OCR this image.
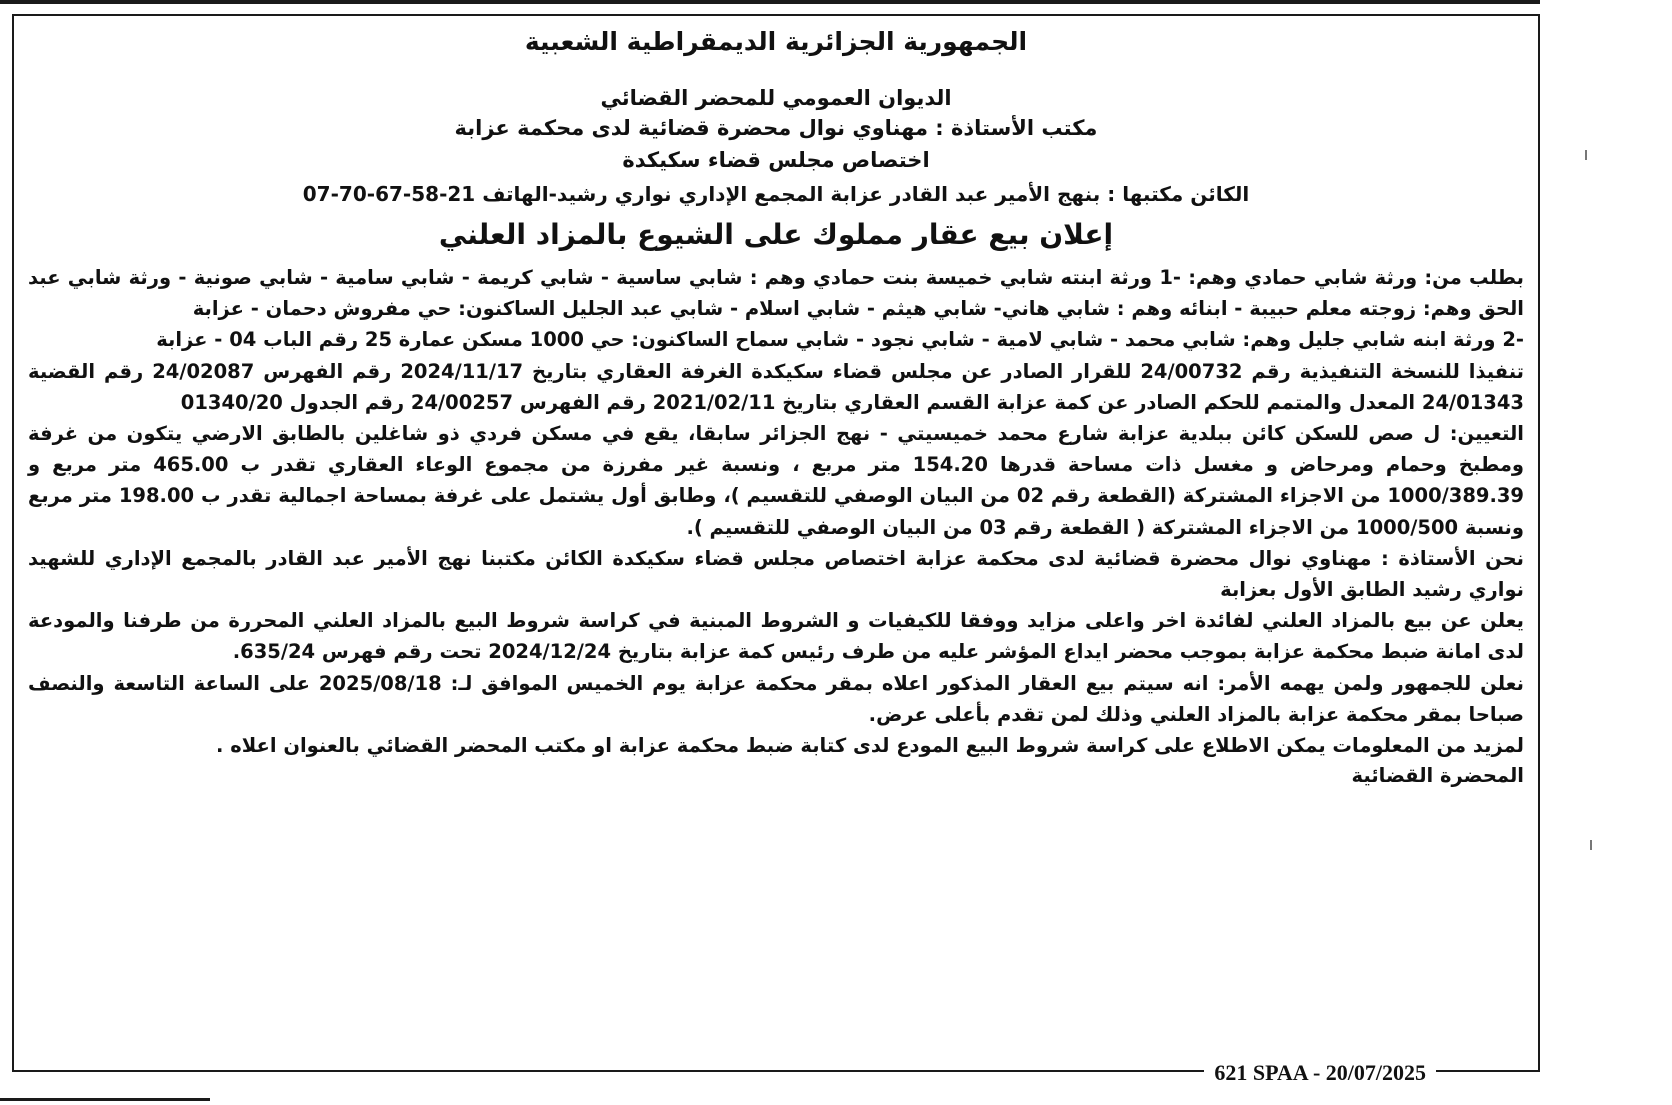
الجمهورية الجزائرية الديمقراطية الشعبية

الديوان العمومي للمحضر القضائي

مكتب الأستاذة : مهناوي نوال محضرة قضائية لدى محكمة عزابة

اختصاص مجلس قضاء سكيكدة

الكائن مكتبها : بنهج الأمير عبد القادر عزابة المجمع الإداري نواري رشيد-الهاتف 21-58-67-70-07

إعلان بيع عقار مملوك على الشيوع بالمزاد العلني

بطلب من: ورثة شابي حمادي وهم: -1 ورثة ابنته شابي خميسة بنت حمادي وهم : شابي ساسية - شابي كريمة - شابي سامية - شابي صونية - ورثة شابي عبد الحق وهم: زوجته معلم حبيبة - ابنائه وهم : شابي هاني- شابي هيثم - شابي اسلام - شابي عبد الجليل الساكنون: حي مفروش دحمان - عزابة

-2 ورثة ابنه شابي جليل وهم: شابي محمد - شابي لامية - شابي نجود - شابي سماح الساكنون: حي 1000 مسكن عمارة 25 رقم الباب 04 - عزابة

تنفيذا للنسخة التنفيذية رقم 24/00732 للقرار الصادر عن مجلس قضاء سكيكدة الغرفة العقاري بتاريخ 2024/11/17 رقم الفهرس 24/02087 رقم القضية 24/01343 المعدل والمتمم للحكم الصادر عن كمة عزابة القسم العقاري بتاريخ 2021/02/11 رقم الفهرس 24/00257 رقم الجدول 01340/20

التعيين: ل صص للسكن كائن ببلدية عزابة شارع محمد خميسيتي - نهج الجزائر سابقا، يقع في مسكن فردي ذو شاغلين بالطابق الارضي يتكون من غرفة ومطبخ وحمام ومرحاض و مغسل ذات مساحة قدرها 154.20 متر مربع ، ونسبة غير مفرزة من مجموع الوعاء العقاري تقدر ب 465.00 متر مربع و 1000/389.39 من الاجزاء المشتركة (القطعة رقم 02 من البيان الوصفي للتقسيم )، وطابق أول يشتمل على غرفة بمساحة اجمالية تقدر ب 198.00 متر مربع ونسبة 1000/500 من الاجزاء المشتركة ( القطعة رقم 03 من البيان الوصفي للتقسيم ).

نحن الأستاذة : مهناوي نوال محضرة قضائية لدى محكمة عزابة اختصاص مجلس قضاء سكيكدة الكائن مكتبنا نهج الأمير عبد القادر بالمجمع الإداري للشهيد نواري رشيد الطابق الأول بعزابة

يعلن عن بيع بالمزاد العلني لفائدة اخر واعلى مزايد ووفقا للكيفيات و الشروط المبنية في كراسة شروط البيع بالمزاد العلني المحررة من طرفنا والمودعة لدى امانة ضبط محكمة عزابة بموجب محضر ايداع المؤشر عليه من طرف رئيس كمة عزابة بتاريخ 2024/12/24 تحت رقم فهرس 635/24.

نعلن للجمهور ولمن يهمه الأمر: انه سيتم بيع العقار المذكور اعلاه بمقر محكمة عزابة يوم الخميس الموافق لـ: 2025/08/18 على الساعة التاسعة والنصف صباحا بمقر محكمة عزابة بالمزاد العلني وذلك لمن تقدم بأعلى عرض.

لمزيد من المعلومات يمكن الاطلاع على كراسة شروط البيع المودع لدى كتابة ضبط محكمة عزابة او مكتب المحضر القضائي بالعنوان اعلاه .

المحضرة القضائية
621 SPAA - 20/07/2025
